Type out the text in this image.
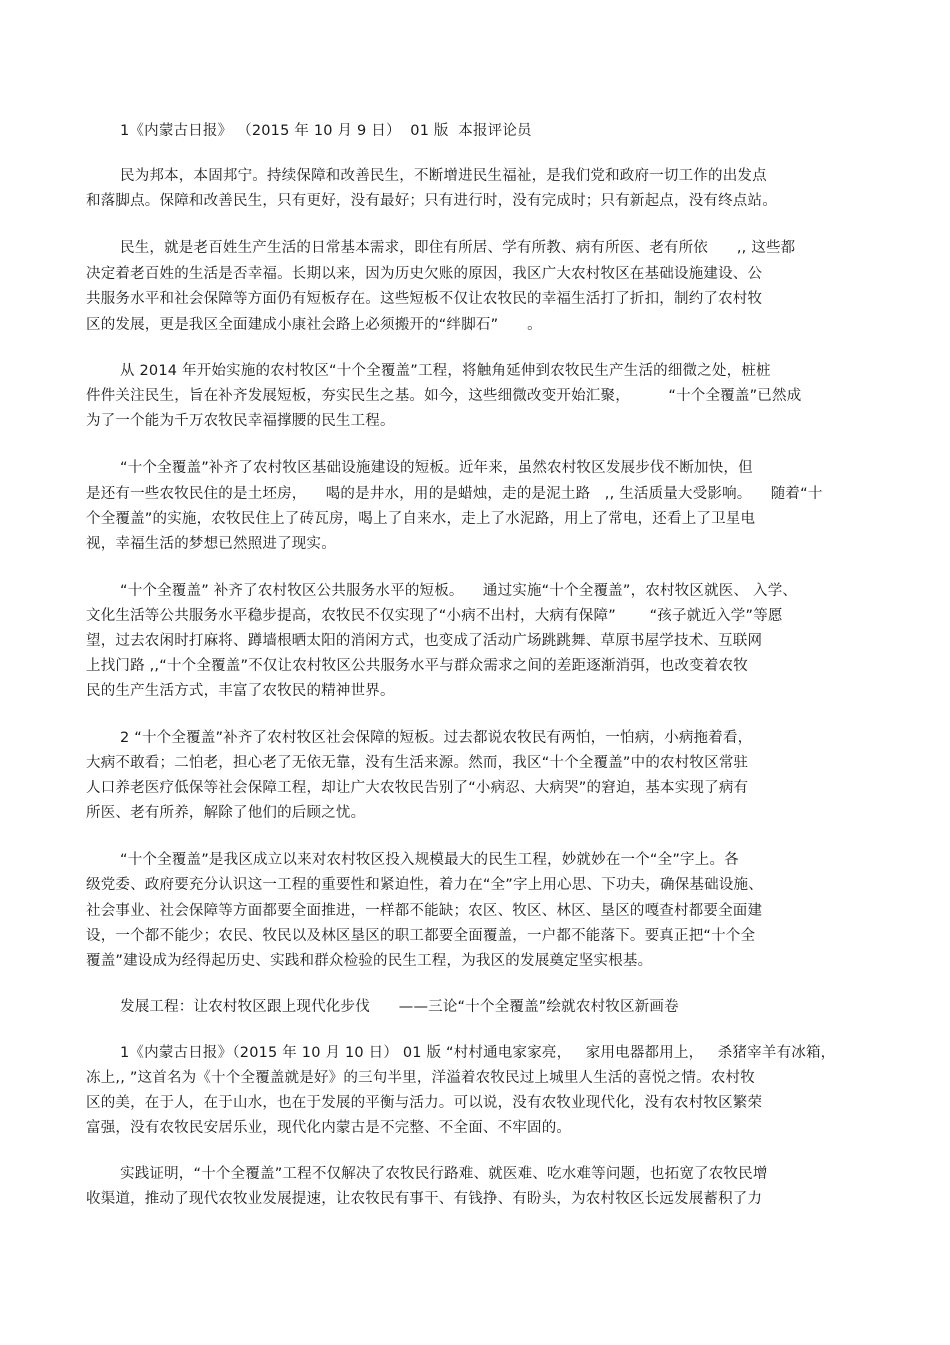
1《内蒙古日报》 （2015 年 10 月 9 日）  01 版  本报评论员
民为邦本，本固邦宁。持续保障和改善民生，不断增进民生福祉，是我们党和政府一切工作的出发点
和落脚点。保障和改善民生，只有更好，没有最好；只有进行时，没有完成时；只有新起点，没有终点站。
民生，就是老百姓生产生活的日常基本需求，即住有所居、学有所教、病有所医、老有所依      ,, 这些都
决定着老百姓的生活是否幸福。长期以来，因为历史欠账的原因，我区广大农村牧区在基础设施建设、公
共服务水平和社会保障等方面仍有短板存在。这些短板不仅让农牧民的幸福生活打了折扣，制约了农村牧
区的发展，更是我区全面建成小康社会路上必须搬开的“绊脚石”      。
从 2014 年开始实施的农村牧区“十个全覆盖”工程，将触角延伸到农牧民生产生活的细微之处，桩桩
件件关注民生，旨在补齐发展短板，夯实民生之基。如今，这些细微改变开始汇聚，        “十个全覆盖”已然成
为了一个能为千万农牧民幸福撑腰的民生工程。
“十个全覆盖”补齐了农村牧区基础设施建设的短板。近年来，虽然农村牧区发展步伐不断加快，但
是还有一些农牧民住的是土坯房，    喝的是井水，用的是蜡烛，走的是泥土路   ,, 生活质量大受影响。    随着“十
个全覆盖”的实施，农牧民住上了砖瓦房，喝上了自来水，走上了水泥路，用上了常电，还看上了卫星电
视，幸福生活的梦想已然照进了现实。
“十个全覆盖” 补齐了农村牧区公共服务水平的短板。    通过实施“十个全覆盖”，农村牧区就医、 入学、
文化生活等公共服务水平稳步提高，农牧民不仅实现了“小病不出村，大病有保障”       “孩子就近入学”等愿
望，过去农闲时打麻将、蹲墙根晒太阳的消闲方式，也变成了活动广场跳跳舞、草原书屋学技术、互联网
上找门路 ,,“十个全覆盖”不仅让农村牧区公共服务水平与群众需求之间的差距逐渐消弭，也改变着农牧
民的生产生活方式，丰富了农牧民的精神世界。
2 “十个全覆盖”补齐了农村牧区社会保障的短板。过去都说农牧民有两怕，一怕病，小病拖着看，
大病不敢看；二怕老，担心老了无依无靠，没有生活来源。然而，我区“十个全覆盖”中的农村牧区常驻
人口养老医疗低保等社会保障工程，却让广大农牧民告别了“小病忍、大病哭”的窘迫，基本实现了病有
所医、老有所养，解除了他们的后顾之忧。
“十个全覆盖”是我区成立以来对农村牧区投入规模最大的民生工程，妙就妙在一个“全”字上。各
级党委、政府要充分认识这一工程的重要性和紧迫性，着力在“全”字上用心思、下功夫，确保基础设施、
社会事业、社会保障等方面都要全面推进，一样都不能缺；农区、牧区、林区、垦区的嘎查村都要全面建
设，一个都不能少；农民、牧民以及林区垦区的职工都要全面覆盖，一户都不能落下。要真正把“十个全
覆盖”建设成为经得起历史、实践和群众检验的民生工程，为我区的发展奠定坚实根基。
发展工程：让农村牧区跟上现代化步伐      ——三论“十个全覆盖”绘就农村牧区新画卷
1《内蒙古日报》（2015 年 10 月 10 日） 01 版 “村村通电家家亮，   家用电器都用上，   杀猪宰羊有冰箱，
冻上,, ”这首名为《十个全覆盖就是好》的三句半里，洋溢着农牧民过上城里人生活的喜悦之情。农村牧
区的美，在于人，在于山水，也在于发展的平衡与活力。可以说，没有农牧业现代化，没有农村牧区繁荣
富强，没有农牧民安居乐业，现代化内蒙古是不完整、不全面、不牢固的。
实践证明，“十个全覆盖”工程不仅解决了农牧民行路难、就医难、吃水难等问题，也拓宽了农牧民增
收渠道，推动了现代农牧业发展提速，让农牧民有事干、有钱挣、有盼头，为农村牧区长远发展蓄积了力
